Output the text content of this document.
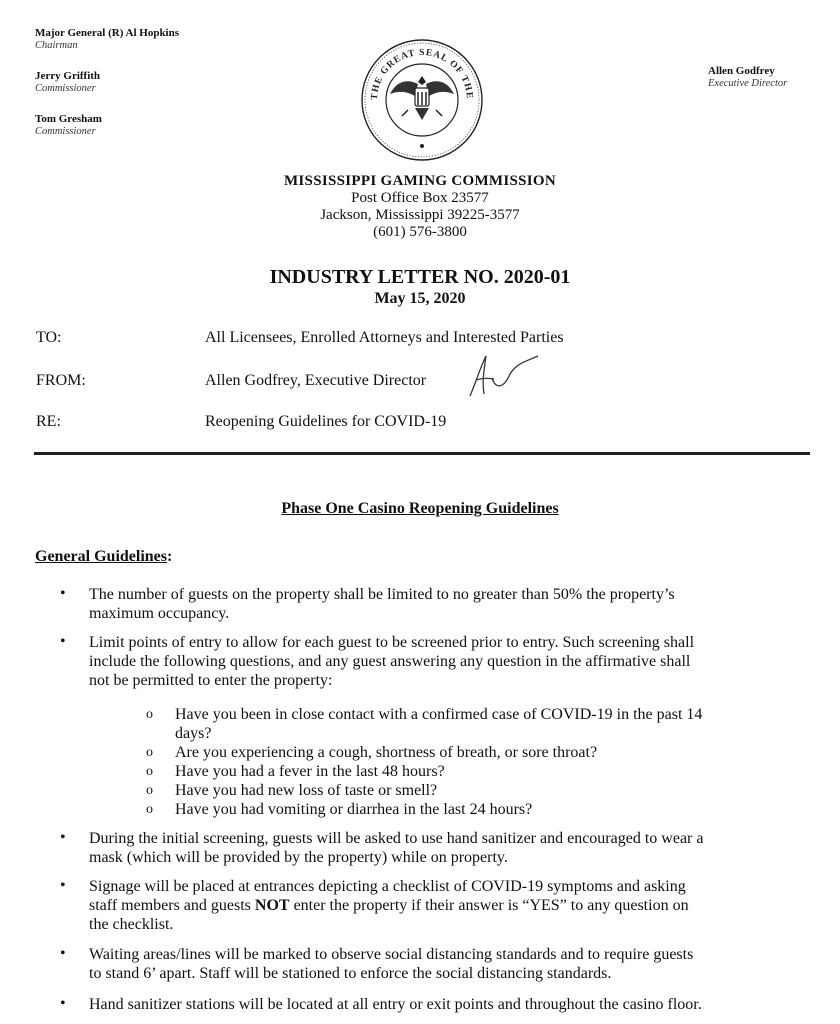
Major General (R) Al Hopkins
Chairman
Jerry Griffith
Commissioner
Tom Gresham
Commissioner
Allen Godfrey
Executive Director
THE GREAT SEAL OF THE
MISSISSIPPI GAMING COMMISSION
Post Office Box 23577
Jackson, Mississippi 39225-3577
(601) 576-3800
INDUSTRY LETTER NO. 2020-01
May 15, 2020
TO:	All Licensees, Enrolled Attorneys and Interested Parties
FROM:	Allen Godfrey, Executive Director
RE:	Reopening Guidelines for COVID-19
Phase One Casino Reopening Guidelines
General Guidelines:
• The number of guests on the property shall be limited to no greater than 50% the property’s
maximum occupancy.
• Limit points of entry to allow for each guest to be screened prior to entry. Such screening shall
include the following questions, and any guest answering any question in the affirmative shall
not be permitted to enter the property:
o Have you been in close contact with a confirmed case of COVID-19 in the past 14
days?
o Are you experiencing a cough, shortness of breath, or sore throat?
o Have you had a fever in the last 48 hours?
o Have you had new loss of taste or smell?
o Have you had vomiting or diarrhea in the last 24 hours?
• During the initial screening, guests will be asked to use hand sanitizer and encouraged to wear a
mask (which will be provided by the property) while on property.
• Signage will be placed at entrances depicting a checklist of COVID-19 symptoms and asking
staff members and guests NOT enter the property if their answer is “YES” to any question on
the checklist.
• Waiting areas/lines will be marked to observe social distancing standards and to require guests
to stand 6’ apart. Staff will be stationed to enforce the social distancing standards.
• Hand sanitizer stations will be located at all entry or exit points and throughout the casino floor.
